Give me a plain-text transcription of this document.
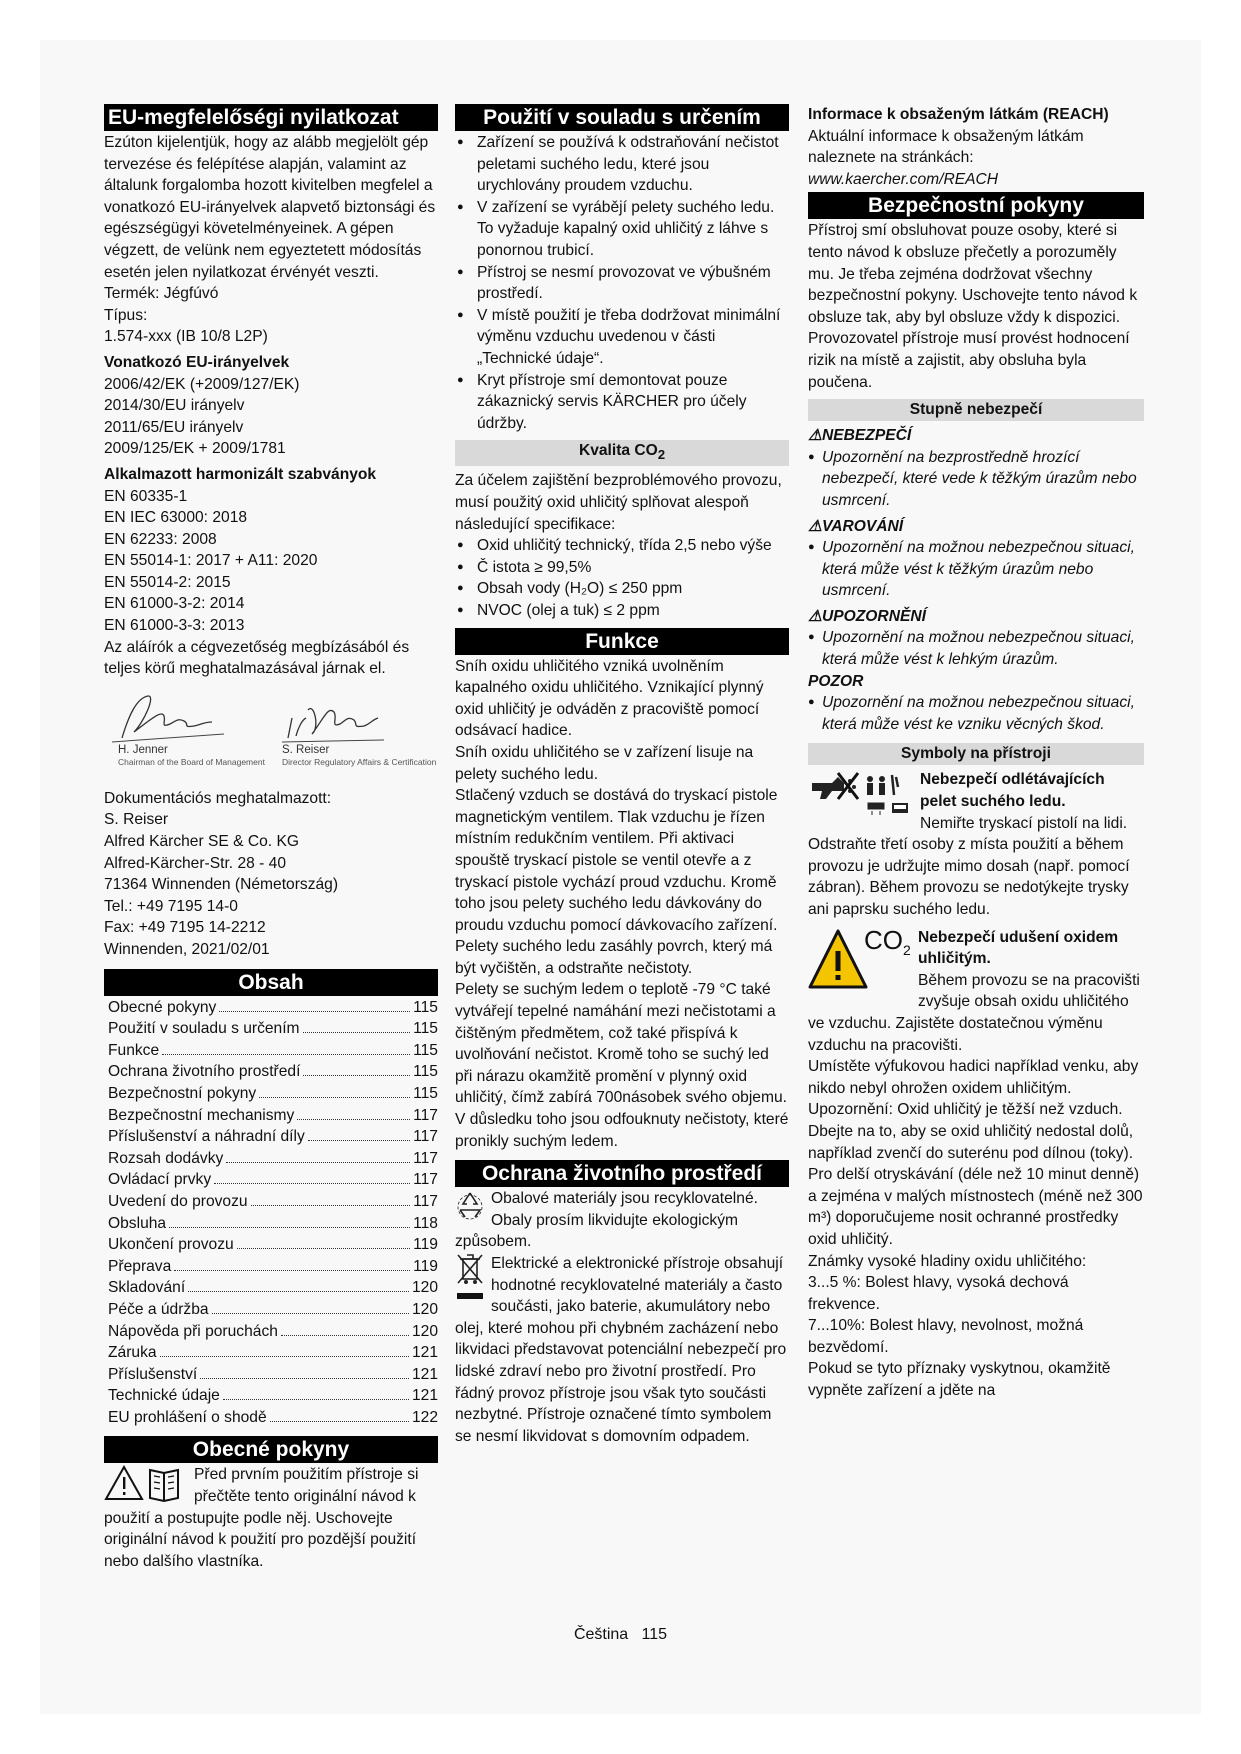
EU-megfelelőségi nyilatkozat

Ezúton kijelentjük, hogy az alább megjelölt gép tervezése és felépítése alapján, valamint az általunk forgalomba hozott kivitelben megfelel a vonatkozó EU-irányelvek alapvető biztonsági és egészségügyi követelményeinek. A gépen végzett, de velünk nem egyeztetett módosítás esetén jelen nyilatkozat érvényét veszti.

Termék: Jégfúvó

Típus:

1.574-xxx (IB 10/8 L2P)

Vonatkozó EU-irányelvek

2006/42/EK (+2009/127/EK)

2014/30/EU irányelv

2011/65/EU irányelv

2009/125/EK + 2009/1781

Alkalmazott harmonizált szabványok

EN 60335-1

EN IEC 63000: 2018

EN 62233: 2008

EN 55014-1: 2017 + A11: 2020

EN 55014-2: 2015

EN 61000-3-2: 2014

EN 61000-3-3: 2013

Az aláírók a cégvezetőség megbízásából és teljes körű meghatalmazásával járnak el.

H. Jenner
Chairman of the Board of Management
S. Reiser
Director Regulatory Affairs & Certification

Dokumentációs meghatalmazott:

S. Reiser

Alfred Kärcher SE & Co. KG

Alfred-Kärcher-Str. 28 - 40

71364 Winnenden (Németország)

Tel.: +49 7195 14-0

Fax: +49 7195 14-2212

Winnenden, 2021/02/01

Obsah
Obecné pokyny	115
Použití v souladu s určením	115
Funkce	115
Ochrana životního prostředí	115
Bezpečnostní pokyny	115
Bezpečnostní mechanismy	117
Příslušenství a náhradní díly	117
Rozsah dodávky	117
Ovládací prvky	117
Uvedení do provozu	117
Obsluha	118
Ukončení provozu	119
Přeprava	119
Skladování	120
Péče a údržba	120
Nápověda při poruchách	120
Záruka	121
Příslušenství	121
Technické údaje	121
EU prohlášení o shodě	122
Obecné pokyny

Před prvním použitím přístroje si přečtěte tento originální návod k použití a postupujte podle něj. Uschovejte originální návod k použití pro pozdější použití nebo dalšího vlastníka.

Použití v souladu s určením
● Zařízení se používá k odstraňování nečistot peletami suchého ledu, které jsou urychlovány proudem vzduchu.
● V zařízení se vyrábějí pelety suchého ledu. To vyžaduje kapalný oxid uhličitý z láhve s ponornou trubicí.
● Přístroj se nesmí provozovat ve výbušném prostředí.
● V místě použití je třeba dodržovat minimální výměnu vzduchu uvedenou v části „Technické údaje“.
● Kryt přístroje smí demontovat pouze zákaznický servis KÄRCHER pro účely údržby.
Kvalita $CO_2$

Za účelem zajištění bezproblémového provozu, musí použitý oxid uhličitý splňovat alespoň následující specifikace:

● Oxid uhličitý technický, třída 2,5 nebo výše
● Č istota ≥ 99,5%
● Obsah vody (H₂O) ≤ 250 ppm
● NVOC (olej a tuk) ≤ 2 ppm
Funkce

Sníh oxidu uhličitého vzniká uvolněním kapalného oxidu uhličitého. Vznikající plynný oxid uhličitý je odváděn z pracoviště pomocí odsávací hadice.

Sníh oxidu uhličitého se v zařízení lisuje na pelety suchého ledu.

Stlačený vzduch se dostává do tryskací pistole magnetickým ventilem. Tlak vzduchu je řízen místním redukčním ventilem. Při aktivaci spouště tryskací pistole se ventil otevře a z tryskací pistole vychází proud vzduchu. Kromě toho jsou pelety suchého ledu dávkovány do proudu vzduchu pomocí dávkovacího zařízení.

Pelety suchého ledu zasáhly povrch, který má být vyčištěn, a odstraňte nečistoty.

Pelety se suchým ledem o teplotě -79 °C také vytvářejí tepelné namáhání mezi nečistotami a čištěným předmětem, což také přispívá k uvolňování nečistot. Kromě toho se suchý led při nárazu okamžitě promění v plynný oxid uhličitý, čímž zabírá 700násobek svého objemu. V důsledku toho jsou odfouknuty nečistoty, které pronikly suchým ledem.

Ochrana životního prostředí

Obalové materiály jsou recyklovatelné. Obaly prosím likvidujte ekologickým způsobem.

Elektrické a elektronické přístroje obsahují hodnotné recyklovatelné materiály a často součásti, jako baterie, akumulátory nebo olej, které mohou při chybném zacházení nebo likvidaci představovat potenciální nebezpečí pro lidské zdraví nebo pro životní prostředí. Pro řádný provoz přístroje jsou však tyto součásti nezbytné. Přístroje označené tímto symbolem se nesmí likvidovat s domovním odpadem.

Informace k obsaženým látkám (REACH)

Aktuální informace k obsaženým látkám naleznete na stránkách:

www.kaercher.com/REACH

Bezpečnostní pokyny

Přístroj smí obsluhovat pouze osoby, které si tento návod k obsluze přečetly a porozuměly mu. Je třeba zejména dodržovat všechny bezpečnostní pokyny. Uschovejte tento návod k obsluze tak, aby byl obsluze vždy k dispozici.

Provozovatel přístroje musí provést hodnocení rizik na místě a zajistit, aby obsluha byla poučena.

Stupně nebezpečí

⚠NEBEZPEČÍ

● Upozornění na bezprostředně hrozící nebezpečí, které vede k těžkým úrazům nebo usmrcení.

⚠VAROVÁNÍ

● Upozornění na možnou nebezpečnou situaci, která může vést k těžkým úrazům nebo usmrcení.

⚠UPOZORNĚNÍ

● Upozornění na možnou nebezpečnou situaci, která může vést k lehkým úrazům.

POZOR

● Upozornění na možnou nebezpečnou situaci, která může vést ke vzniku věcných škod.
Symboly na přístroji

Nebezpečí odlétávajících pelet suchého ledu.

Nemiřte tryskací pistolí na lidi. Odstraňte třetí osoby z místa použití a během provozu je udržujte mimo dosah (např. pomocí zábran). Během provozu se nedotýkejte trysky ani paprsku suchého ledu.

$CO_2$

Nebezpečí udušení oxidem uhličitým.

Během provozu se na pracovišti zvyšuje obsah oxidu uhličitého ve vzduchu. Zajistěte dostatečnou výměnu vzduchu na pracovišti.

Umístěte výfukovou hadici například venku, aby nikdo nebyl ohrožen oxidem uhličitým.

Upozornění: Oxid uhličitý je těžší než vzduch. Dbejte na to, aby se oxid uhličitý nedostal dolů, například zvenčí do suterénu pod dílnou (toky).

Pro delší otryskávání (déle než 10 minut denně) a zejména v malých místnostech (méně než 300 m³) doporučujeme nosit ochranné prostředky oxid uhličitý.

Známky vysoké hladiny oxidu uhličitého:

3...5 %: Bolest hlavy, vysoká dechová frekvence.

7...10%: Bolest hlavy, nevolnost, možná bezvědomí.

Pokud se tyto příznaky vyskytnou, okamžitě vypněte zařízení a jděte na

Čeština 115
